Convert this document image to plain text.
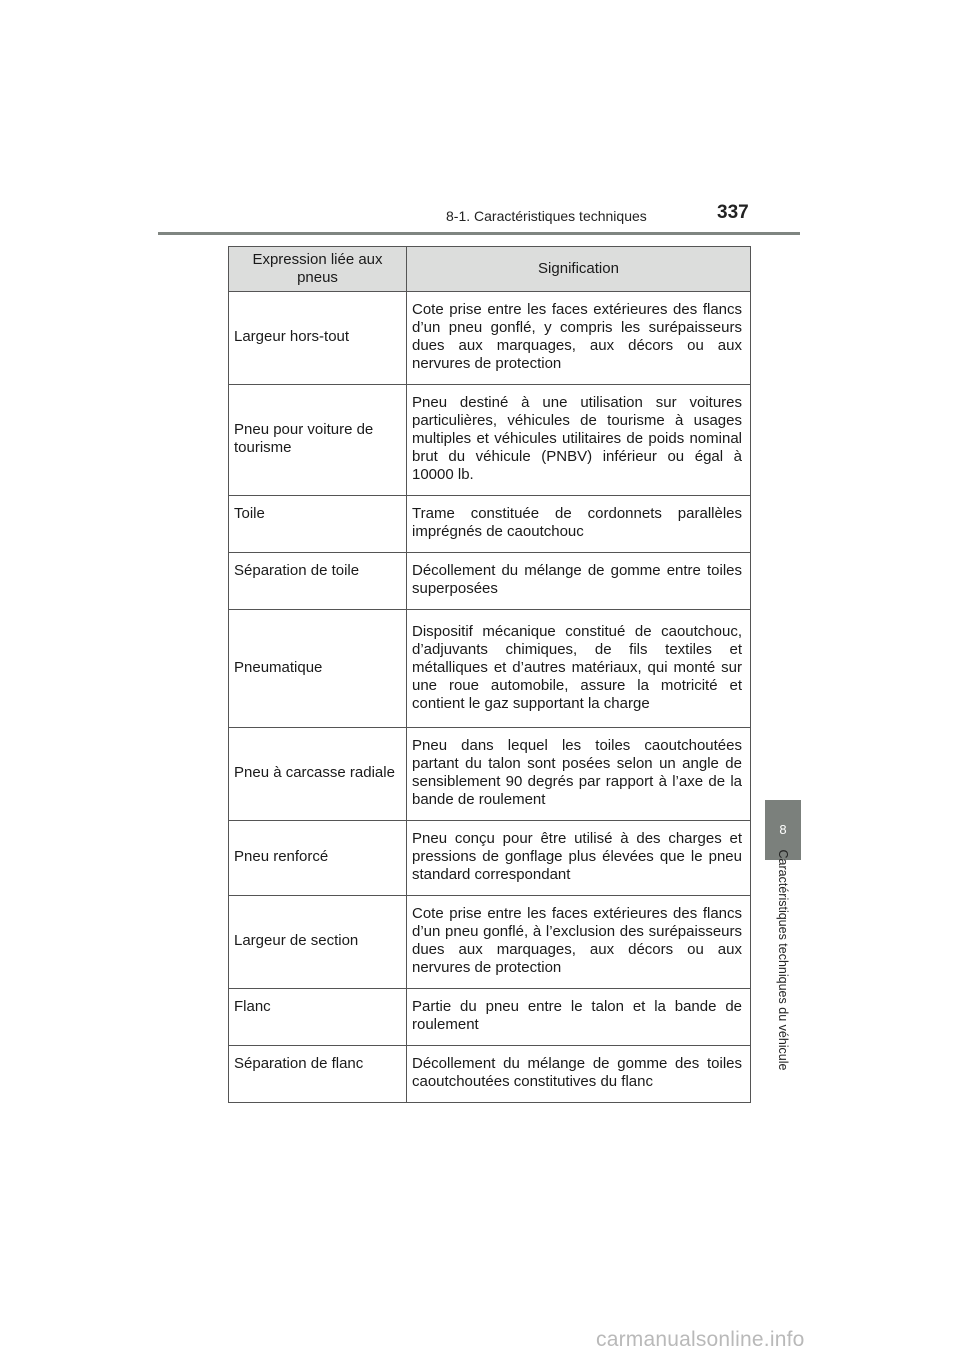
8-1. Caractéristiques techniques	337
8
Caractéristiques techniques du véhicule
Expression liée aux pneus	Signification
Largeur hors-tout	Cote prise entre les faces extérieures des flancs d’un pneu gonflé, y compris les surépaisseurs dues aux marquages, aux décors ou aux nervures de protection
Pneu pour voiture de tourisme	Pneu destiné à une utilisation sur voitures particulières, véhicules de tourisme à usages multiples et véhicules utilitaires de poids nominal brut du véhicule (PNBV) inférieur ou égal à 10000 lb.
Toile	Trame constituée de cordonnets parallèles imprégnés de caoutchouc
Séparation de toile	Décollement du mélange de gomme entre toiles superposées
Pneumatique	Dispositif mécanique constitué de caoutchouc, d’adjuvants chimiques, de fils textiles et métalliques et d’autres matériaux, qui monté sur une roue automobile, assure la motricité et contient le gaz supportant la charge
Pneu à carcasse radiale	Pneu dans lequel les toiles caoutchoutées partant du talon sont posées selon un angle de sensiblement 90 degrés par rapport à l’axe de la bande de roulement
Pneu renforcé	Pneu conçu pour être utilisé à des charges et pressions de gonflage plus élevées que le pneu standard correspondant
Largeur de section	Cote prise entre les faces extérieures des flancs d’un pneu gonflé, à l’exclusion des surépaisseurs dues aux marquages, aux décors ou aux nervures de protection
Flanc	Partie du pneu entre le talon et la bande de roulement
Séparation de flanc	Décollement du mélange de gomme des toiles caoutchoutées constitutives du flanc
carmanualsonline.info
